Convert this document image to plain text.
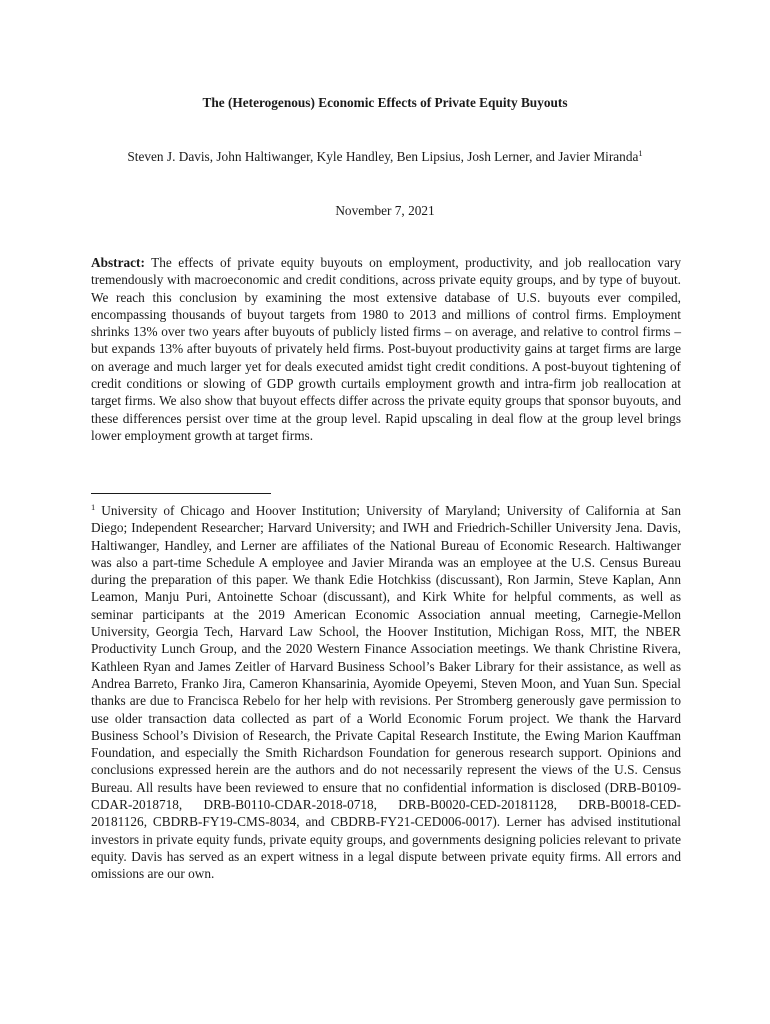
The (Heterogenous) Economic Effects of Private Equity Buyouts

Steven J. Davis, John Haltiwanger, Kyle Handley, Ben Lipsius, Josh Lerner, and Javier Miranda$^1$

November 7, 2021

Abstract: The effects of private equity buyouts on employment, productivity, and job reallocation vary tremendously with macroeconomic and credit conditions, across private equity groups, and by type of buyout. We reach this conclusion by examining the most extensive database of U.S. buyouts ever compiled, encompassing thousands of buyout targets from 1980 to 2013 and millions of control firms. Employment shrinks 13% over two years after buyouts of publicly listed firms – on average, and relative to control firms – but expands 13% after buyouts of privately held firms. Post-buyout productivity gains at target firms are large on average and much larger yet for deals executed amidst tight credit conditions. A post-buyout tightening of credit conditions or slowing of GDP growth curtails employment growth and intra-firm job reallocation at target firms. We also show that buyout effects differ across the private equity groups that sponsor buyouts, and these differences persist over time at the group level. Rapid upscaling in deal flow at the group level brings lower employment growth at target firms.

$^1$ University of Chicago and Hoover Institution; University of Maryland; University of California at San Diego; Independent Researcher; Harvard University; and IWH and Friedrich-Schiller University Jena. Davis, Haltiwanger, Handley, and Lerner are affiliates of the National Bureau of Economic Research. Haltiwanger was also a part-time Schedule A employee and Javier Miranda was an employee at the U.S. Census Bureau during the preparation of this paper. We thank Edie Hotchkiss (discussant), Ron Jarmin, Steve Kaplan, Ann Leamon, Manju Puri, Antoinette Schoar (discussant), and Kirk White for helpful comments, as well as seminar participants at the 2019 American Economic Association annual meeting, Carnegie-Mellon University, Georgia Tech, Harvard Law School, the Hoover Institution, Michigan Ross, MIT, the NBER Productivity Lunch Group, and the 2020 Western Finance Association meetings. We thank Christine Rivera, Kathleen Ryan and James Zeitler of Harvard Business School’s Baker Library for their assistance, as well as Andrea Barreto, Franko Jira, Cameron Khansarinia, Ayomide Opeyemi, Steven Moon, and Yuan Sun. Special thanks are due to Francisca Rebelo for her help with revisions. Per Stromberg generously gave permission to use older transaction data collected as part of a World Economic Forum project. We thank the Harvard Business School’s Division of Research, the Private Capital Research Institute, the Ewing Marion Kauffman Foundation, and especially the Smith Richardson Foundation for generous research support. Opinions and conclusions expressed herein are the authors and do not necessarily represent the views of the U.S. Census Bureau. All results have been reviewed to ensure that no confidential information is disclosed (DRB-B0109-CDAR-2018718, DRB-B0110-CDAR-2018-0718, DRB-B0020-CED-20181128, DRB-B0018-CED-20181126, CBDRB-FY19-CMS-8034, and CBDRB-FY21-CED006-0017). Lerner has advised institutional investors in private equity funds, private equity groups, and governments designing policies relevant to private equity. Davis has served as an expert witness in a legal dispute between private equity firms. All errors and omissions are our own.
